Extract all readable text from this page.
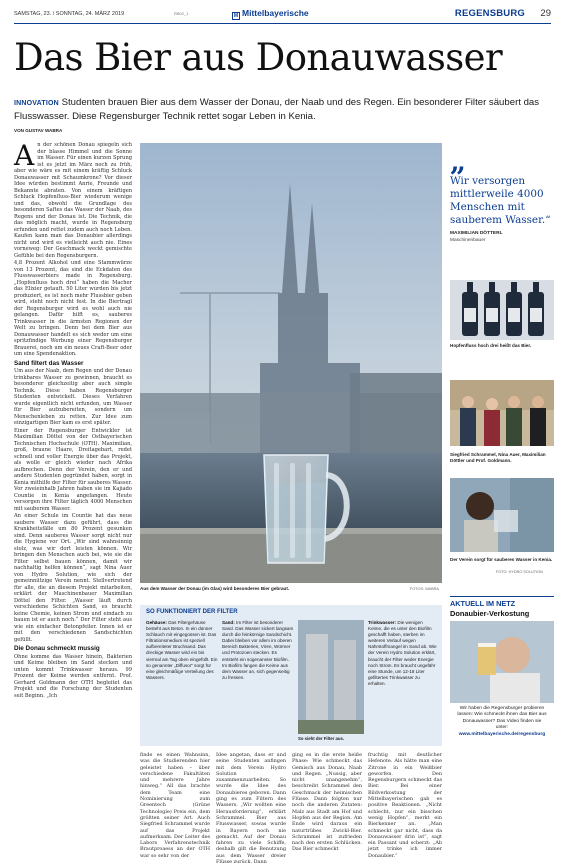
SAMSTAG, 23. / SONNTAG, 24. MÄRZ 2019	RB02_1	M Mittelbayerische	REGENSBURG 29
Das Bier aus Donauwasser
INNOVATION Studenten brauen Bier aus dem Wasser der Donau, der Naab und des Regen. Ein besonderer Filter säubert das Flusswasser. Diese Regensburger Technik rettet sogar Leben in Kenia.
VON GUSTAV WABRA
A n der schönen Donau spiegeln sich der blasse Himmel und die Sonne im Wasser. Für einen kurzen Sprung ist es jetzt im März noch zu früh, aber wie wäre es mit einem kräftig Schluck Donauwasser mit Schaumkrone? Vor dieser Idee würden bestimmt Anrie, Freunde und Bekannte abraten. Von einem kräftigen Schluck Hopfenfluss-Bier wiederum wenige und das, obwohl die Grundlage des besonderen Saftes das Wasser der Naab, des Regens und der Donau ist. Die Technik, die das möglich macht, wurde in Regensburg erfunden und rettet zudem auch noch Leben. Kaufen kann man das Donaubier allerdings nicht und wird es vielleicht auch nie. Eines vorneweg: Der Geschmack weckt gemischte Gefühle bei den Regensburgern.

4,8 Prozent Alkohol und eine Stammwürze von 13 Prozent, das sind die Eckdaten des Flusswasserbiers made in Regensburg. „Hopfenfluss hoch drei“ haben die Macher das Elixier getauft. 50 Liter wurden bis jetzt produziert, es ist noch mehr Flussbier geben wird, steht noch nicht fest. In die Biertragl der Regensburger wird es wohl auch nie gelangen. Dafür hilft es, sauberes Trinkwasser in die ärmsten Regionen der Welt zu bringen. Denn bei dem Bier aus Donauwasser handelt es sich weder um eine spritzfindige Werbung einer Regensburger Brauerei, noch um ein neues Craft-Beer oder um eine Spendenaktion.

Sand filtert das Wasser

Um aus der Naab, dem Regen und der Donau trinkbares Wasser zu gewinnen, braucht es besonderer gleichzeitig aber auch simple Technik. Diese haben Regensburger Studenten entwickelt. Dieses Verfahren wurde eigentlich nicht erfunden, um Wasser für Bier aufzubereiten, sondern um Menschenleben zu retten. Zur Idee zum einzigartigen Bier kam es erst später.

Einer der Regensburger Entwickler ist Maximilian Döttel von der Ostbayerischen Technischen Hochschule (OTH). Maximilian, groß, braune Haare, Dreitagebart, redet schnell und voller Energie über das Projekt, als wolle er gleich wieder nach Afrika aufbrechen. Denn der Verein, den er und andere Studenten gegründet haben, sorgt in Kenia mithilfe der Filter für sauberes Wasser. Vor zweieinhalb Jahren haben sie im Kajiado Countie in Kenia angefangen. Heute versorgen ihre Filter täglich 4000 Menschen mit sauberem Wasser.

An einer Schule im Countie hat das neue saubere Wasser dazu geführt, dass die Krankheitsfälle um 80 Prozent gesunken sind. Denn sauberes Wasser sorgt nicht nur die Hygiene vor Ort. „Wir sind wahnsinnig stolz, was wir dort leisten können. Wir bringen den Menschen auch bei, wie sie die Filter selbst bauen können, damit wir nachhaltig helfen können“, sagt Nina Auer von Hydro Solution, wie sich der gemeinnützige Verein nennt. Stellvertretend für alle, die an diesem Projekt mitarbeiten, erklärt der Maschinenbauer Maximilian Döttel den Filter. „Wasser läuft durch verschiedene Schichten Sand, es braucht keine Chemie, keinen Strom und eindach zu bauen ist er auch noch.“ Der Filter steht aus wie ein einfacher Betonpfeiler. Innen ist er mit den verschiedenen Sandschichten gefüllt.

Die Donau schmeckt mussig

Ohne komme das Wasser hinein, Bakterien und Keime bleiben im Sand stecken und unten kommt Trinkwasser heraus. 99 Prozent der Keime werden entfernt. Prof. Gerhard Goldmann der OTH begleitet das Projekt und die Forschung der Studenten seit Beginn. „Ich

Aus dem Wasser der Donau (im Glas) wird besonderes Bier gebraut.	FOTOS: WABRA
„
Wir versorgen mittlerweile 4000 Menschen mit sauberem Wasser.“
MAXIMILIAN DÖTTERL
Maschinenbauer
Hopfenfluss hoch drei heißt das Bier.
Siegfried Schrammel, Nina Auer, Maximilian Döttler und Prof. Goldmann.
Der Verein sorgt für sauberes Wasser in Kenia.
FOTO: HYDRO SOLUTION
AKTUELL IM NETZ
Donaubier-Verkostung
Wir haben die Regensburger probieren lassen: Wie schmeckt ihnen das Bier aus Donauwasser? Das Video finden sie unter:
www.mittelbayerische.de/regensburg
SO FUNKTIONIERT DER FILTER
Gehäuse: Das Filtergehäuse besteht aus Beton. In ein dünner Schlauch mit eingegossen ist. Das Filtrationsmedium ist speziell aufbereiteter Bruchsand. Das dreckige Wasser wird ein bis viermal am Tag oben eingefüllt. Ein so genannter „Diffusor“ sorgt für eine gleichmäßige Verteilung des Wassers.
Sand: Im Filter ist besonderer Sand. Das Wasser sickert langsam durch die feinkörnige Sandschicht. Dabei bleiben vor allem im oberen Bereich Bakterien, Viren, Würmer und Protozoen stecken. Es entsteht ein sogenannter Biofilm. Im Biofilm fangen die Keime aus dem Wasser an, sich gegenseitig zu fressen.
So sieht der Filter aus.
Trinkwasser: Die wenigen Keime, die es unter den Biofilm geschafft haben, sterben im weiteren Verlauf wegen Nährstoffmangel im Sand ab. Wie der Verein Hydro Solution erklärt, braucht der Filter weder Energie noch Strom. Es braucht ungefähr eine Stunde, um 12-18 Liter gefiltertes Trinkwasser zu erhalten.
finde es einen Wahnsinn, was die Studierenden hier geleistet haben – über verschiedene Fakultäten und mehrere Jahre hinweg.“ All das brachte dem Team eine Nominierung zum Greentech (Grüne Technologie) Preis ein, dem größten seiner Art. Auch Siegfried Schrammel wurde auf das Projekt aufmerksam. Der Leiter des Labors Verfahrenstechnik Brautproaess an der OTH war so sehr von der
Idee angetan, dass er und seine Studenten anfingen mit dem Verein Hydro Solution zusammenzuarbeiten. So wurde die Idee des Donaubieres geboren. Dann ging es zum Filtern des Wassers. „Wir wollten eine Herausforderung“, erklärt Schrammel. Bier aus Flusswasser, sowas wurde in Bayern noch nie gemacht. Auf der Donau fahren zu viele Schiffe, deshalb gilt die Benutzung aus dem Wasser dreier Flüsse zurück. Dann
ging es in die erste heiße Phase: Wie schmeckt das Gemisch aus Donau, Naab und Regen. „Nussig, aber nicht unangenehm“, beschreibt Schrammel den Geschmack der heimischen Flüsse. Dann folgten nur noch die anderen Zutaten: Malz aus Stadt am Hof und Hopfen aus der Region. Am Ende wird daraus ein naturtrübes Zwickl-Bier. Schrammel ist zufrieden nach den ersten Schlücken. Das Bier schmeckt
fruchtig mit deutlicher Hefenote. Als hätte man eine Zitrone in ein Weißbier geworfen. Den Regensburgern schmeckt das Bier. Bei einer Bildverkostung der Mittelbayerischen gab es positive Reaktionen. „Nicht schlecht, nur ein bisschen wenig Hopfen“, merkt ein Bierkenner an. „Man schmeckt gar nicht, dass da Donauwasser drin ist“, sagt ein Passant und scherzt: „Ab jetzt trinke ich immer Donaubier.“
